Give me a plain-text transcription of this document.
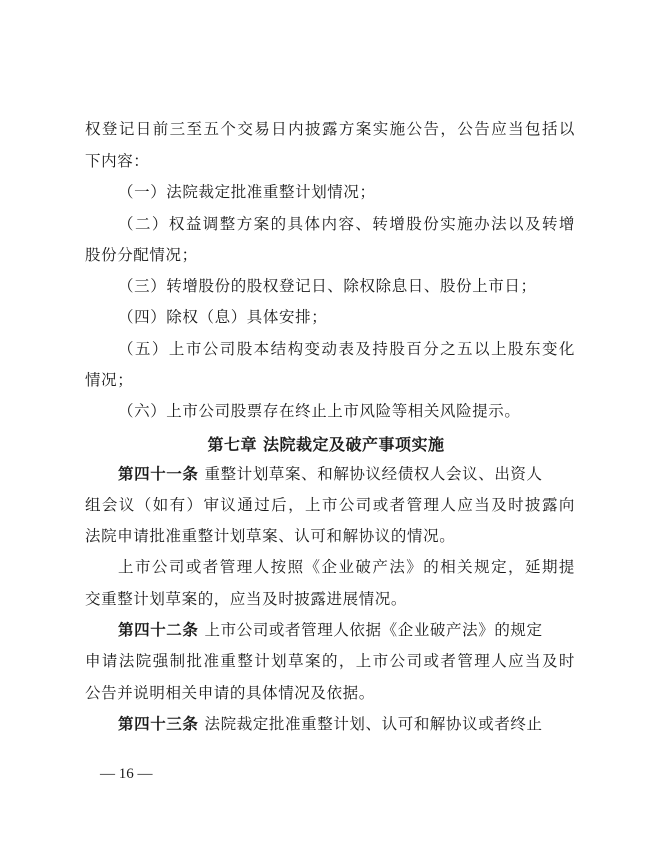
权登记日前三至五个交易日内披露方案实施公告，公告应当包括以
下内容：
（一）法院裁定批准重整计划情况；
（二）权益调整方案的具体内容、转增股份实施办法以及转增
股份分配情况；
（三）转增股份的股权登记日、除权除息日、股份上市日；
（四）除权（息）具体安排；
（五）上市公司股本结构变动表及持股百分之五以上股东变化
情况；
（六）上市公司股票存在终止上市风险等相关风险提示。
第七章 法院裁定及破产事项实施
第四十一条 重整计划草案、和解协议经债权人会议、出资人
组会议（如有）审议通过后，上市公司或者管理人应当及时披露向
法院申请批准重整计划草案、认可和解协议的情况。
上市公司或者管理人按照《企业破产法》的相关规定，延期提
交重整计划草案的，应当及时披露进展情况。
第四十二条 上市公司或者管理人依据《企业破产法》的规定
申请法院强制批准重整计划草案的，上市公司或者管理人应当及时
公告并说明相关申请的具体情况及依据。
第四十三条 法院裁定批准重整计划、认可和解协议或者终止
— 16 —
